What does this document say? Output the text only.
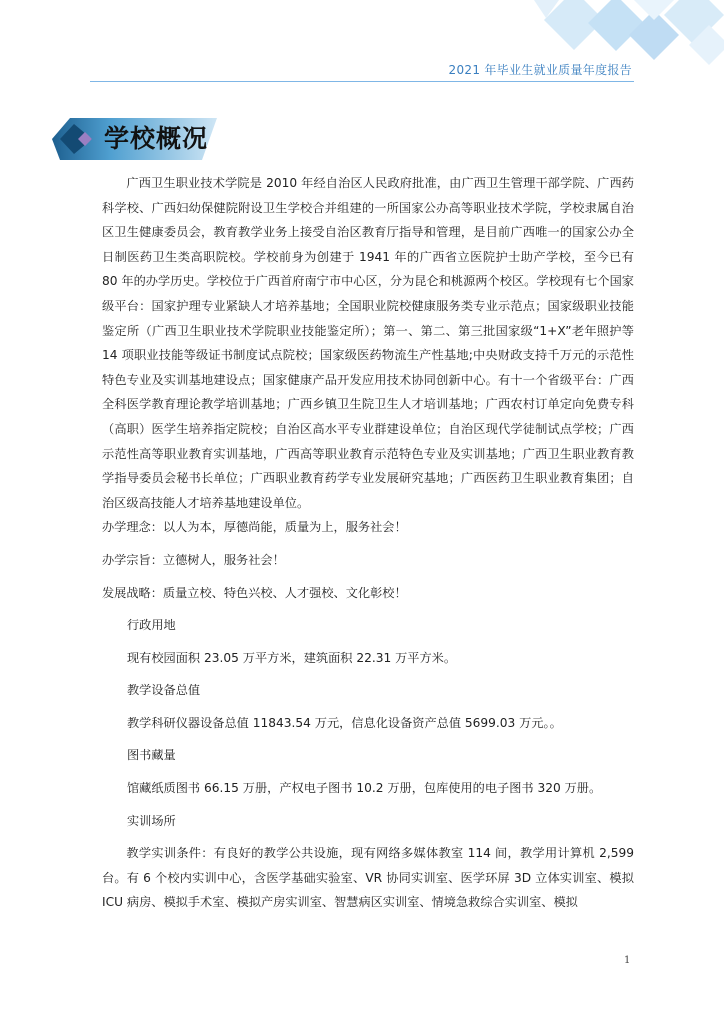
2021 年毕业生就业质量年度报告
学校概况

广西卫生职业技术学院是 2010 年经自治区人民政府批准，由广西卫生管理干部学院、广西药科学校、广西妇幼保健院附设卫生学校合并组建的一所国家公办高等职业技术学院，学校隶属自治区卫生健康委员会，教育教学业务上接受自治区教育厅指导和管理，是目前广西唯一的国家公办全日制医药卫生类高职院校。学校前身为创建于 1941 年的广西省立医院护士助产学校，至今已有 80 年的办学历史。学校位于广西首府南宁市中心区，分为昆仑和桃源两个校区。学校现有七个国家级平台：国家护理专业紧缺人才培养基地；全国职业院校健康服务类专业示范点；国家级职业技能鉴定所（广西卫生职业技术学院职业技能鉴定所）；第一、第二、第三批国家级“1+X”老年照护等 14 项职业技能等级证书制度试点院校；国家级医药物流生产性基地;中央财政支持千万元的示范性特色专业及实训基地建设点；国家健康产品开发应用技术协同创新中心。有十一个省级平台：广西全科医学教育理论教学培训基地；广西乡镇卫生院卫生人才培训基地；广西农村订单定向免费专科（高职）医学生培养指定院校；自治区高水平专业群建设单位；自治区现代学徒制试点学校；广西示范性高等职业教育实训基地，广西高等职业教育示范特色专业及实训基地；广西卫生职业教育教学指导委员会秘书长单位；广西职业教育药学专业发展研究基地；广西医药卫生职业教育集团；自治区级高技能人才培养基地建设单位。

办学理念：以人为本，厚德尚能，质量为上，服务社会！

办学宗旨：立德树人，服务社会！

发展战略：质量立校、特色兴校、人才强校、文化彰校！

行政用地

现有校园面积 23.05 万平方米，建筑面积 22.31 万平方米。

教学设备总值

教学科研仪器设备总值 11843.54 万元，信息化设备资产总值 5699.03 万元。。

图书藏量

馆藏纸质图书 66.15 万册，产权电子图书 10.2 万册，包库使用的电子图书 320 万册。

实训场所

教学实训条件：有良好的教学公共设施，现有网络多媒体教室 114 间，教学用计算机 2,599 台。有 6 个校内实训中心，含医学基础实验室、VR 协同实训室、医学环屏 3D 立体实训室、模拟 ICU 病房、模拟手术室、模拟产房实训室、智慧病区实训室、情境急救综合实训室、模拟

1
